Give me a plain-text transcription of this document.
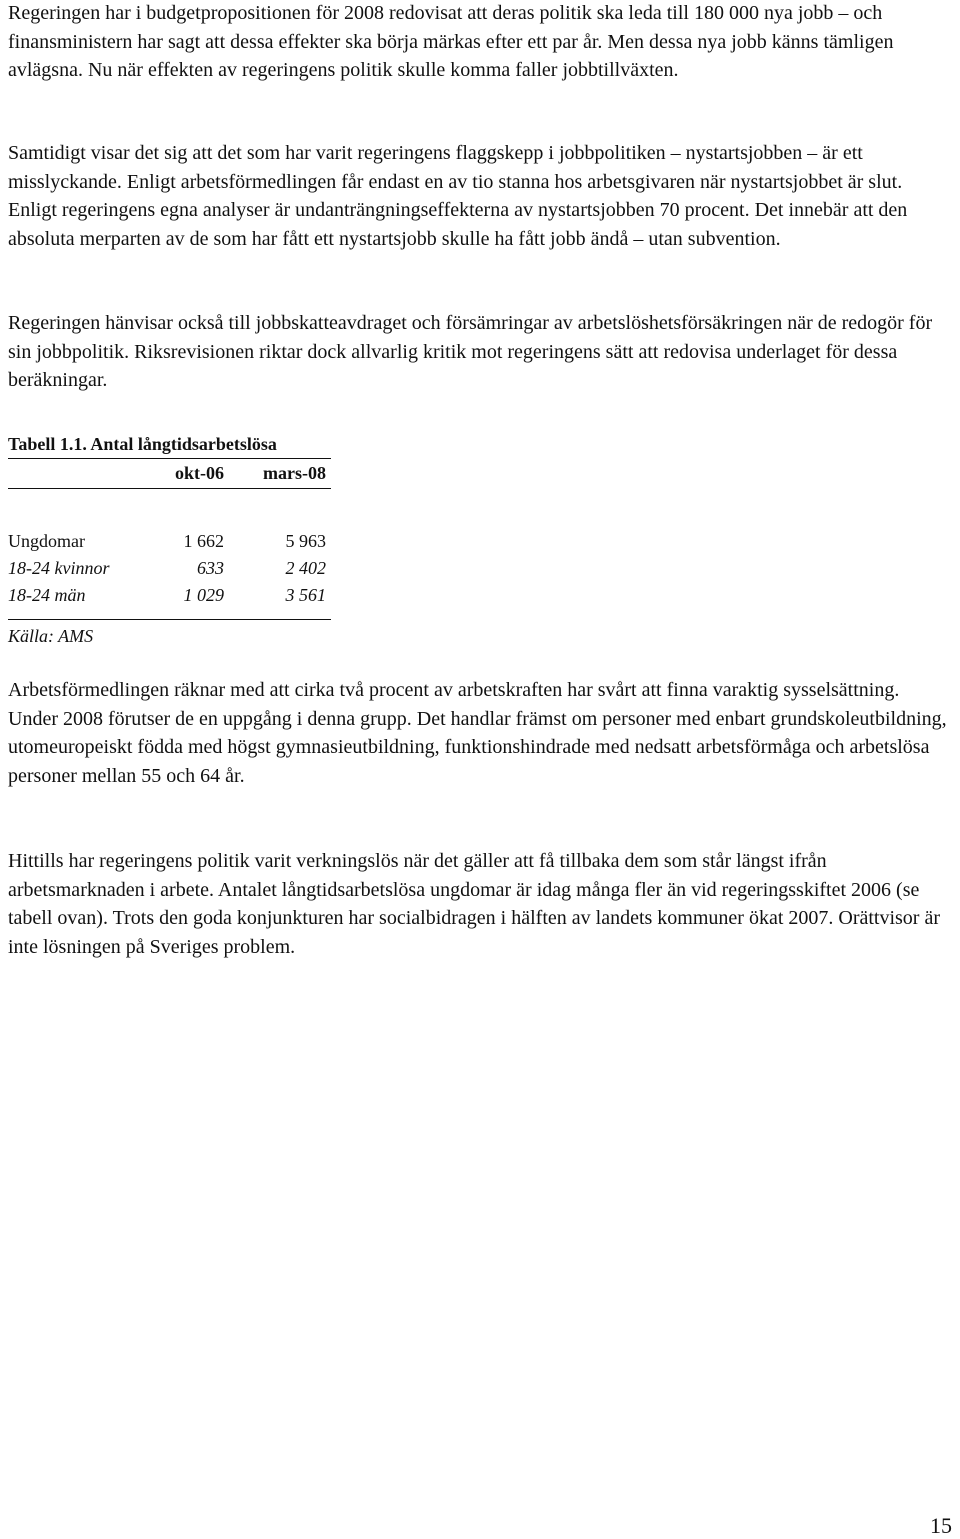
Regeringen har i budgetpropositionen för 2008 redovisat att deras politik ska leda till 180 000 nya jobb – och finansministern har sagt att dessa effekter ska börja märkas efter ett par år. Men dessa nya jobb känns tämligen avlägsna. Nu när effekten av regeringens politik skulle komma faller jobbtillväxten.

Samtidigt visar det sig att det som har varit regeringens flaggskepp i jobbpolitiken – nystartsjobben – är ett misslyckande. Enligt arbetsförmedlingen får endast en av tio stanna hos arbetsgivaren när nystartsjobbet är slut. Enligt regeringens egna analyser är undanträngningseffekterna av nystartsjobben 70 procent. Det innebär att den absoluta merparten av de som har fått ett nystartsjobb skulle ha fått jobb ändå – utan subvention.

Regeringen hänvisar också till jobbskatteavdraget och försämringar av arbetslöshetsförsäkringen när de redogör för sin jobbpolitik. Riksrevisionen riktar dock allvarlig kritik mot regeringens sätt att redovisa underlaget för dessa beräkningar.

Tabell 1.1. Antal långtidsarbetslösa
okt-06 mars-08
Ungdomar	1 662	5 963
18-24 kvinnor	633	2 402
18-24 män	1 029	3 561
Källa: AMS

Arbetsförmedlingen räknar med att cirka två procent av arbetskraften har svårt att finna varaktig sysselsättning. Under 2008 förutser de en uppgång i denna grupp. Det handlar främst om personer med enbart grundskoleutbildning, utomeuropeiskt födda med högst gymnasieutbildning, funktionshindrade med nedsatt arbetsförmåga och arbetslösa personer mellan 55 och 64 år.

Hittills har regeringens politik varit verkningslös när det gäller att få tillbaka dem som står längst ifrån arbetsmarknaden i arbete. Antalet långtidsarbetslösa ungdomar är idag många fler än vid regeringsskiftet 2006 (se tabell ovan). Trots den goda konjunkturen har socialbidragen i hälften av landets kommuner ökat 2007. Orättvisor är inte lösningen på Sveriges problem.

15
